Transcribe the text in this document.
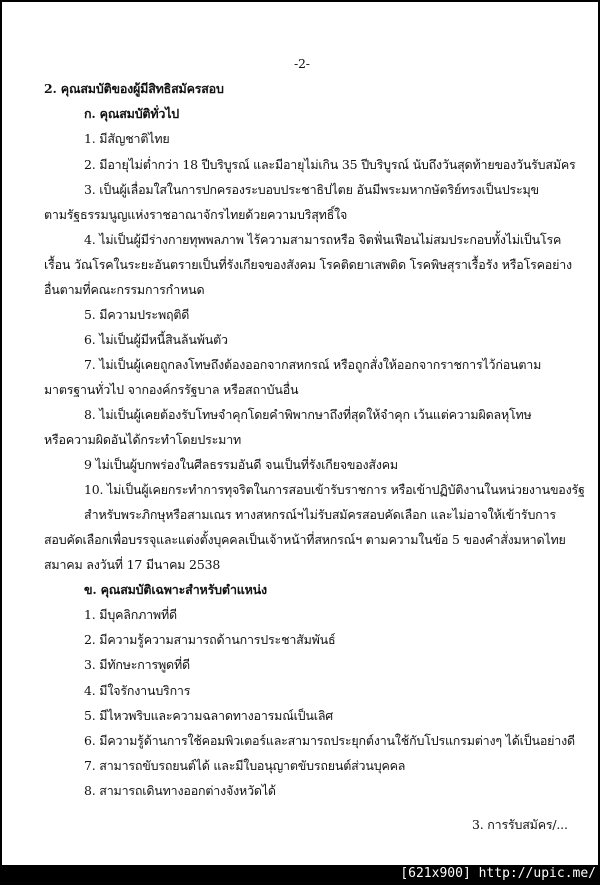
-2-
2. คุณสมบัติของผู้มีสิทธิสมัครสอบ
ก. คุณสมบัติทั่วไป
1. มีสัญชาติไทย
2. มีอายุไม่ต่ำกว่า 18 ปีบริบูรณ์ และมีอายุไม่เกิน 35 ปีบริบูรณ์ นับถึงวันสุดท้ายของวันรับสมัคร
3. เป็นผู้เลื่อมใสในการปกครองระบอบประชาธิปไตย อันมีพระมหากษัตริย์ทรงเป็นประมุข
ตามรัฐธรรมนูญแห่งราชอาณาจักรไทยด้วยความบริสุทธิ์ใจ
4. ไม่เป็นผู้มีร่างกายทุพพลภาพ ไร้ความสามารถหรือ จิตฟั่นเฟือนไม่สมประกอบทั้งไม่เป็นโรค
เรื้อน วัณโรคในระยะอันตรายเป็นที่รังเกียจของสังคม โรคติดยาเสพติด โรคพิษสุราเรื้อรัง หรือโรคอย่าง
อื่นตามที่คณะกรรมการกำหนด
5. มีความประพฤติดี
6. ไม่เป็นผู้มีหนี้สินล้นพ้นตัว
7. ไม่เป็นผู้เคยถูกลงโทษถึงต้องออกจากสหกรณ์ หรือถูกสั่งให้ออกจากราชการไว้ก่อนตาม
มาตรฐานทั่วไป จากองค์กรรัฐบาล หรือสถาบันอื่น
8. ไม่เป็นผู้เคยต้องรับโทษจำคุกโดยคำพิพากษาถึงที่สุดให้จำคุก เว้นแต่ความผิดลหุโทษ
หรือความผิดอันได้กระทำโดยประมาท
9 ไม่เป็นผู้บกพร่องในศีลธรรมอันดี จนเป็นที่รังเกียจของสังคม
10. ไม่เป็นผู้เคยกระทำการทุจริตในการสอบเข้ารับราชการ หรือเข้าปฏิบัติงานในหน่วยงานของรัฐ
สำหรับพระภิกษุหรือสามเณร ทางสหกรณ์ฯไม่รับสมัครสอบคัดเลือก และไม่อาจให้เข้ารับการ
สอบคัดเลือกเพื่อบรรจุและแต่งตั้งบุคคลเป็นเจ้าหน้าที่สหกรณ์ฯ ตามความในข้อ 5 ของคำสั่งมหาดไทย
สมาคม ลงวันที่ 17 มีนาคม 2538
ข. คุณสมบัติเฉพาะสำหรับตำแหน่ง
1. มีบุคลิกภาพที่ดี
2. มีความรู้ความสามารถด้านการประชาสัมพันธ์
3. มีทักษะการพูดที่ดี
4. มีใจรักงานบริการ
5. มีไหวพริบและความฉลาดทางอารมณ์เป็นเลิศ
6. มีความรู้ด้านการใช้คอมพิวเตอร์และสามารถประยุกต์งานใช้กับโปรแกรมต่างๆ ได้เป็นอย่างดี
7. สามารถขับรถยนต์ได้ และมีใบอนุญาตขับรถยนต์ส่วนบุคคล
8. สามารถเดินทางออกต่างจังหวัดได้
3. การรับสมัคร/...
[621x900] http://upic.me/
